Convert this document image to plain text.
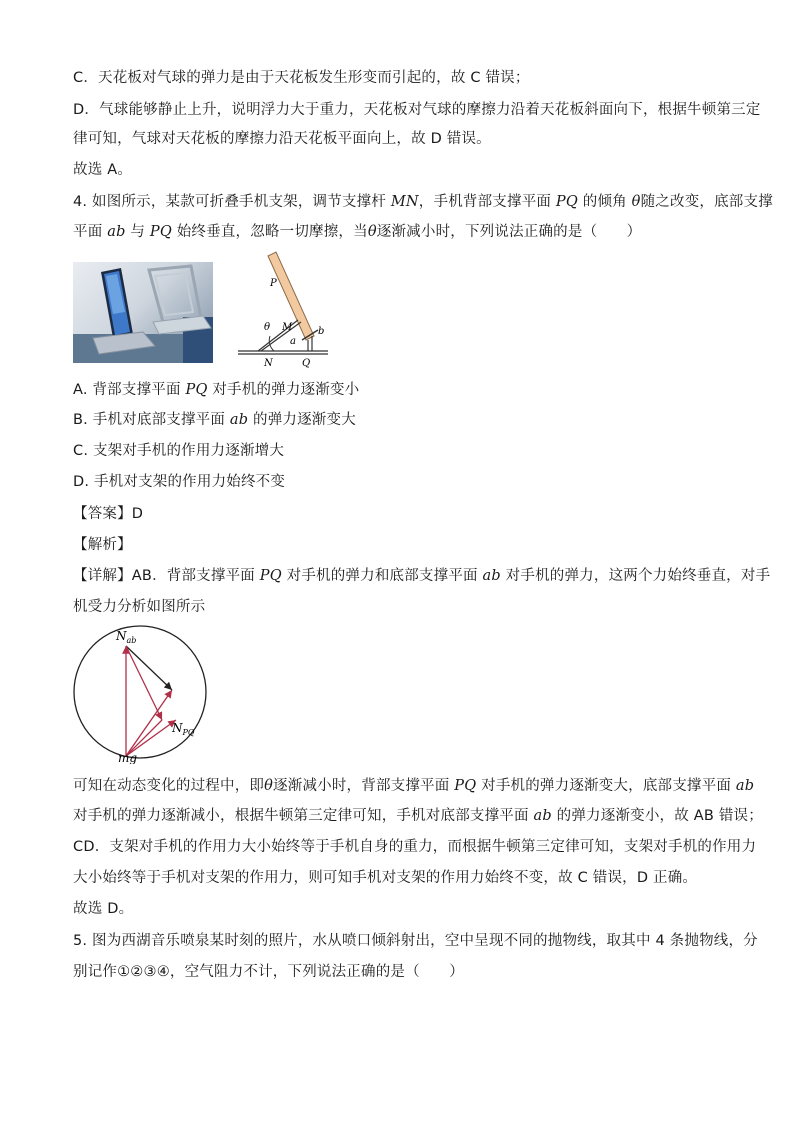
C．天花板对气球的弹力是由于天花板发生形变而引起的，故 C 错误；
D．气球能够静止上升，说明浮力大于重力，天花板对气球的摩擦力沿着天花板斜面向下，根据牛顿第三定
律可知，气球对天花板的摩擦力沿天花板平面向上，故 D 错误。
故选 A。
4. 如图所示，某款可折叠手机支架，调节支撑杆 MN，手机背部支撑平面 PQ 的倾角 θ随之改变，底部支撑
平面 ab 与 PQ 始终垂直，忽略一切摩擦，当θ逐渐减小时，下列说法正确的是（　　）
P
θ M	b
a
N	Q
A. 背部支撑平面 PQ 对手机的弹力逐渐变小
B. 手机对底部支撑平面 ab 的弹力逐渐变大
C. 支架对手机的作用力逐渐增大
D. 手机对支架的作用力始终不变
【答案】D
【解析】
【详解】AB．背部支撑平面 PQ 对手机的弹力和底部支撑平面 ab 对手机的弹力，这两个力始终垂直，对手
机受力分析如图所示
$N_{ab}$
$N_{PQ}$
mg
可知在动态变化的过程中，即θ逐渐减小时，背部支撑平面 PQ 对手机的弹力逐渐变大，底部支撑平面 ab
对手机的弹力逐渐减小，根据牛顿第三定律可知，手机对底部支撑平面 ab 的弹力逐渐变小，故 AB 错误；
CD．支架对手机的作用力大小始终等于手机自身的重力，而根据牛顿第三定律可知，支架对手机的作用力
大小始终等于手机对支架的作用力，则可知手机对支架的作用力始终不变，故 C 错误，D 正确。
故选 D。
5. 图为西湖音乐喷泉某时刻的照片，水从喷口倾斜射出，空中呈现不同的抛物线，取其中 4 条抛物线，分
别记作①②③④，空气阻力不计，下列说法正确的是（　　）
